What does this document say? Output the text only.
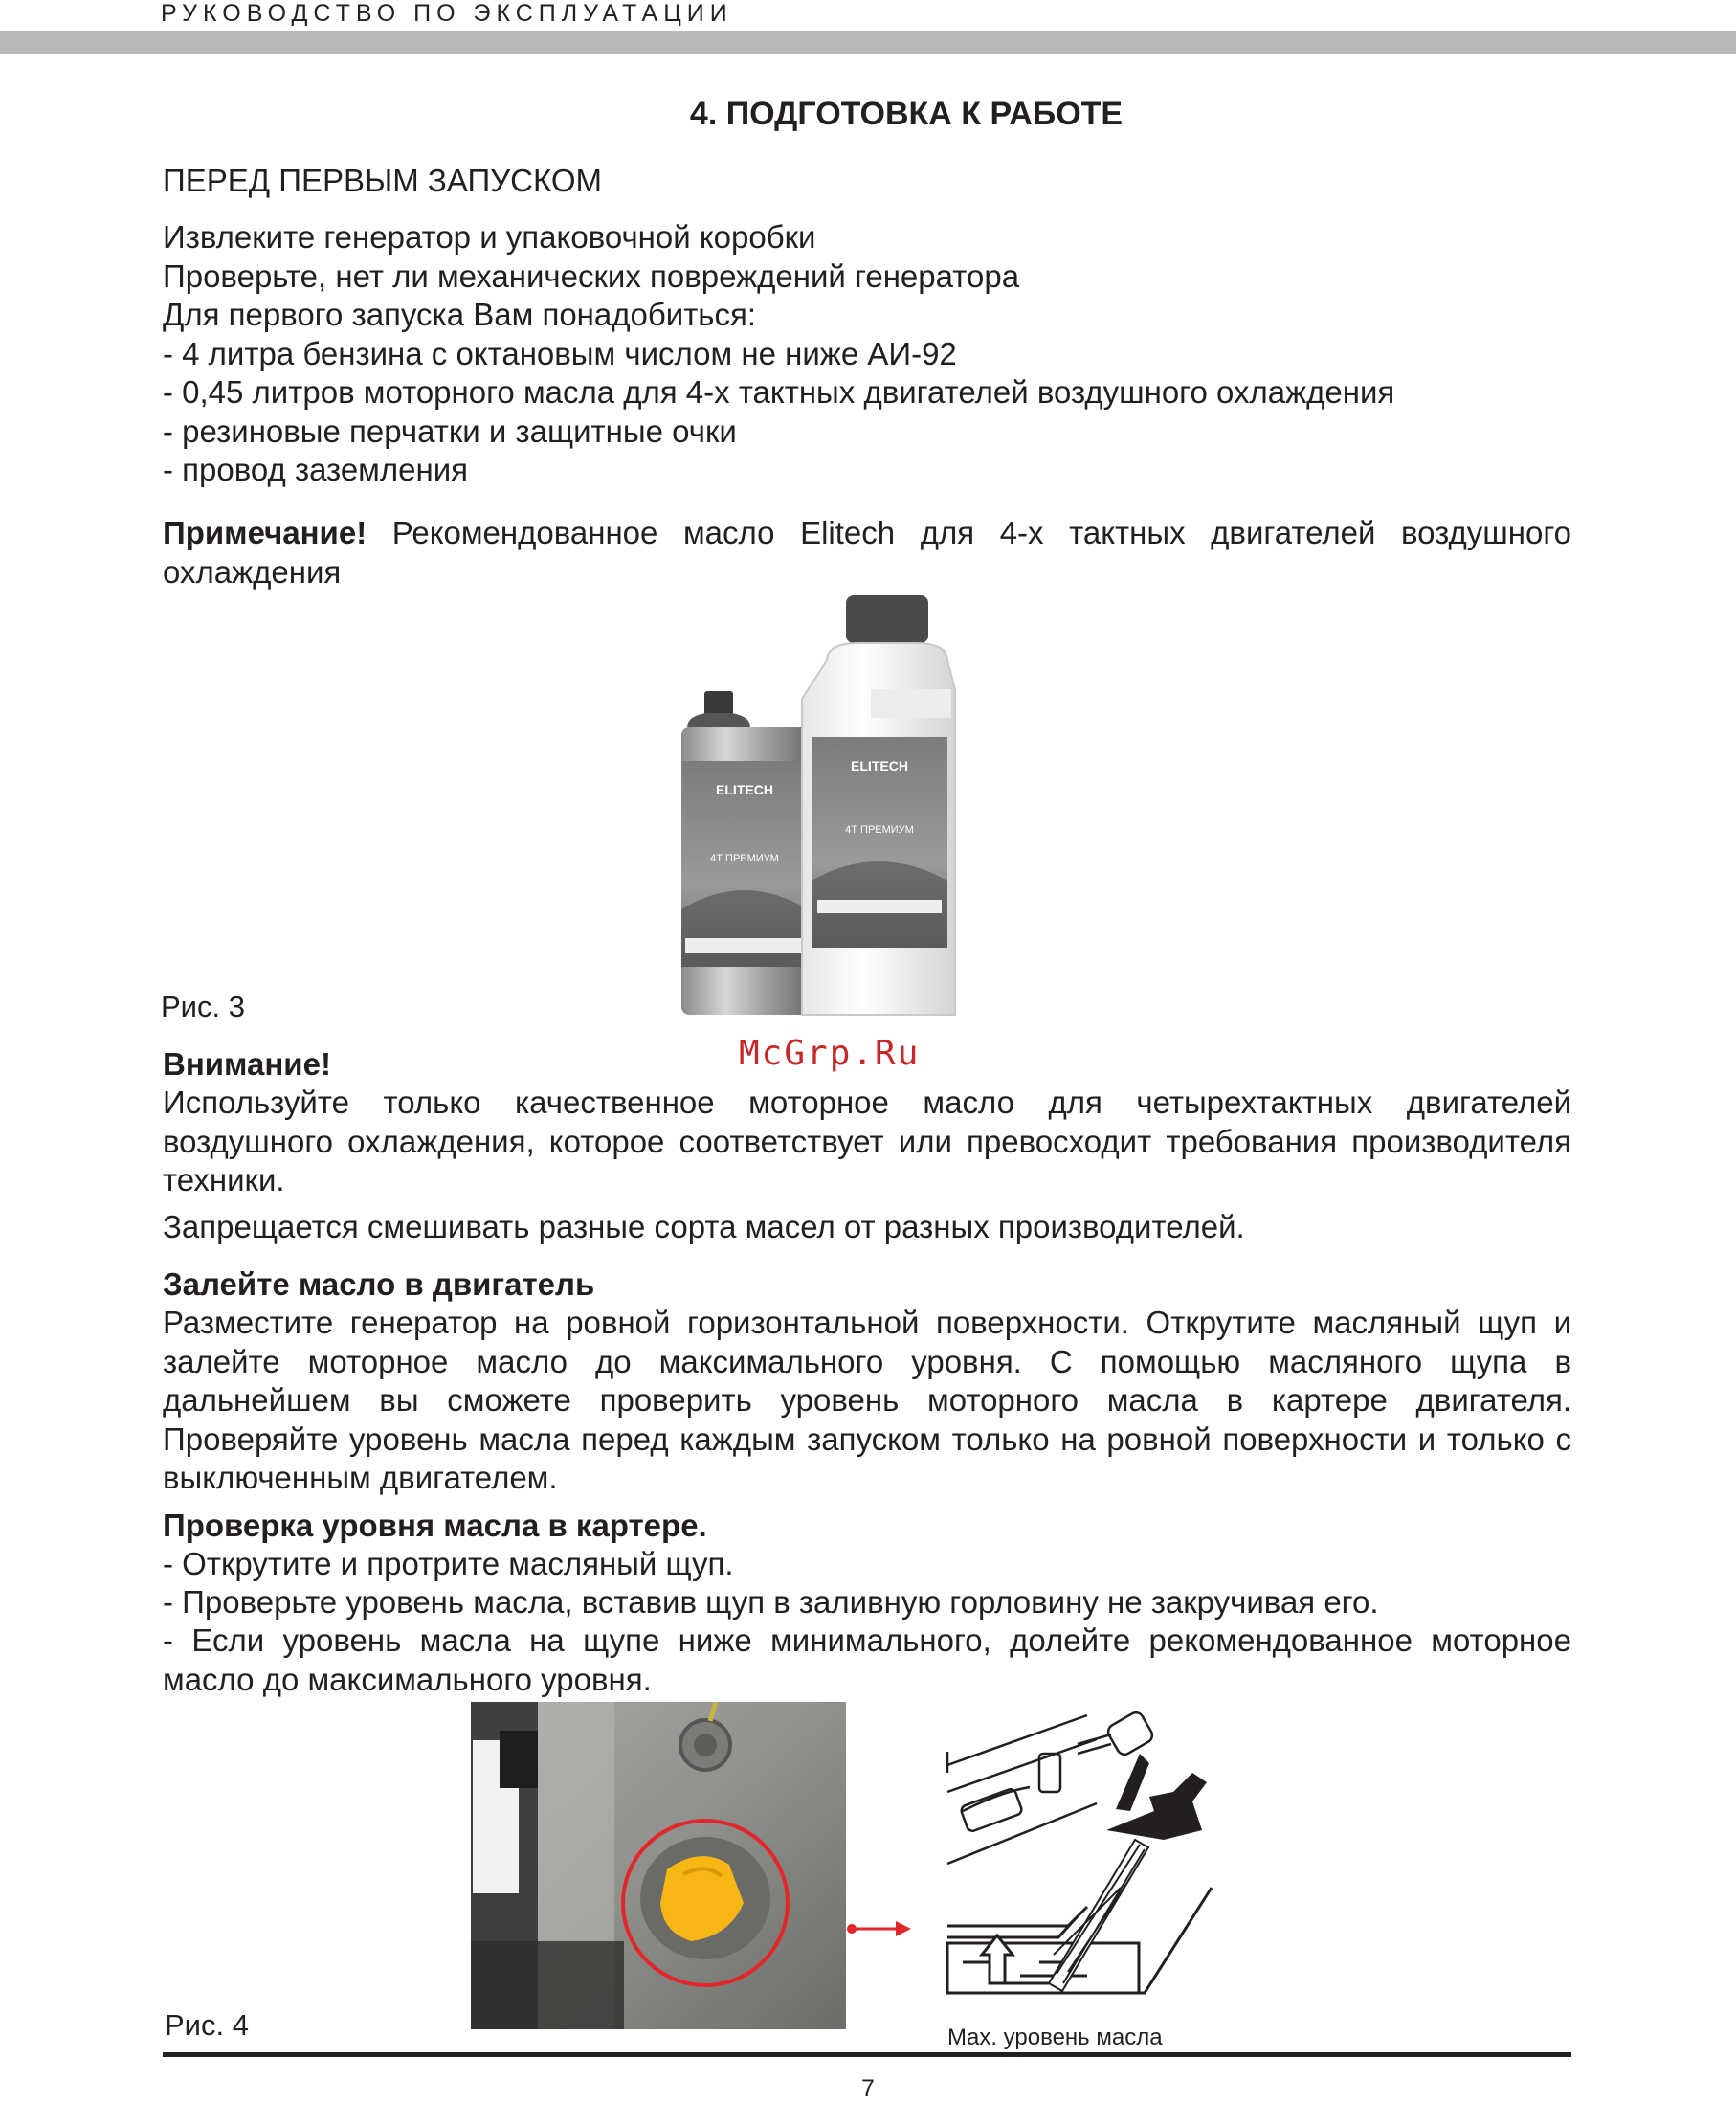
РУКОВОДСТВО ПО ЭКСПЛУАТАЦИИ
4. ПОДГОТОВКА К РАБОТЕ
ПЕРЕД ПЕРВЫМ ЗАПУСКОМ
Извлеките генератор и упаковочной коробки
Проверьте, нет ли механических повреждений генератора
Для первого запуска Вам понадобиться:
- 4 литра бензина с октановым числом не ниже АИ-92
- 0,45 литров моторного масла для 4-х тактных двигателей воздушного охлаждения
- резиновые перчатки и защитные очки
- провод заземления
Примечание! Рекомендованное масло Elitech для 4-х тактных двигателей воздушного охлаждения
ELITECH
4Т ПРЕМИУМ
ELITECH
4Т ПРЕМИУМ
Рис. 3
McGrp.Ru
Внимание!
Используйте только качественное моторное масло для четырехтактных двигателей воздушного охлаждения, которое соответствует или превосходит требования производителя техники.
Запрещается смешивать разные сорта масел от разных производителей.
Залейте масло в двигатель
Разместите генератор на ровной горизонтальной поверхности. Открутите масляный щуп и залейте моторное масло до максимального уровня. С помощью масляного щупа в дальнейшем вы сможете проверить уровень моторного масла в картере двигателя. Проверяйте уровень масла перед каждым запуском только на ровной поверхности и только с выключенным двигателем.
Проверка уровня масла в картере.
- Открутите и протрите масляный щуп.
- Проверьте уровень масла, вставив щуп в заливную горловину не закручивая его.
- Если уровень масла на щупе ниже минимального, долейте рекомендованное моторное масло до максимального уровня.
Рис. 4	Max. уровень масла
7
